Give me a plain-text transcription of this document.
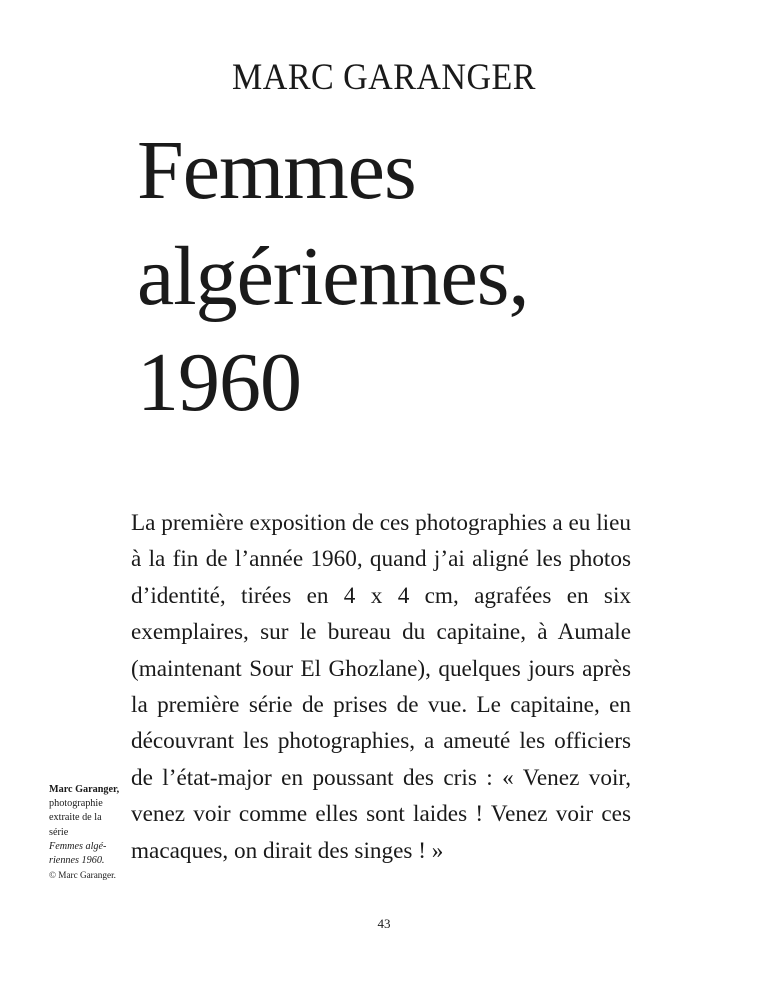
MARC GARANGER
Femmes
algériennes,
1960

Marc Garanger,
photographie
extraite de la
série
Femmes algé-
riennes 1960.
© Marc Garanger.

La première exposition de ces photographies a eu lieu à la fin de l’année 1960, quand j’ai aligné les photos d’identité, tirées en 4 x 4 cm, agrafées en six exemplaires, sur le bureau du capitaine, à Aumale (maintenant Sour El Ghozlane), quelques jours après la première série de prises de vue. Le capitaine, en découvrant les photographies, a ameuté les officiers de l’état-major en poussant des cris : « Venez voir, venez voir comme elles sont laides ! Venez voir ces macaques, on dirait des singes ! »

43
